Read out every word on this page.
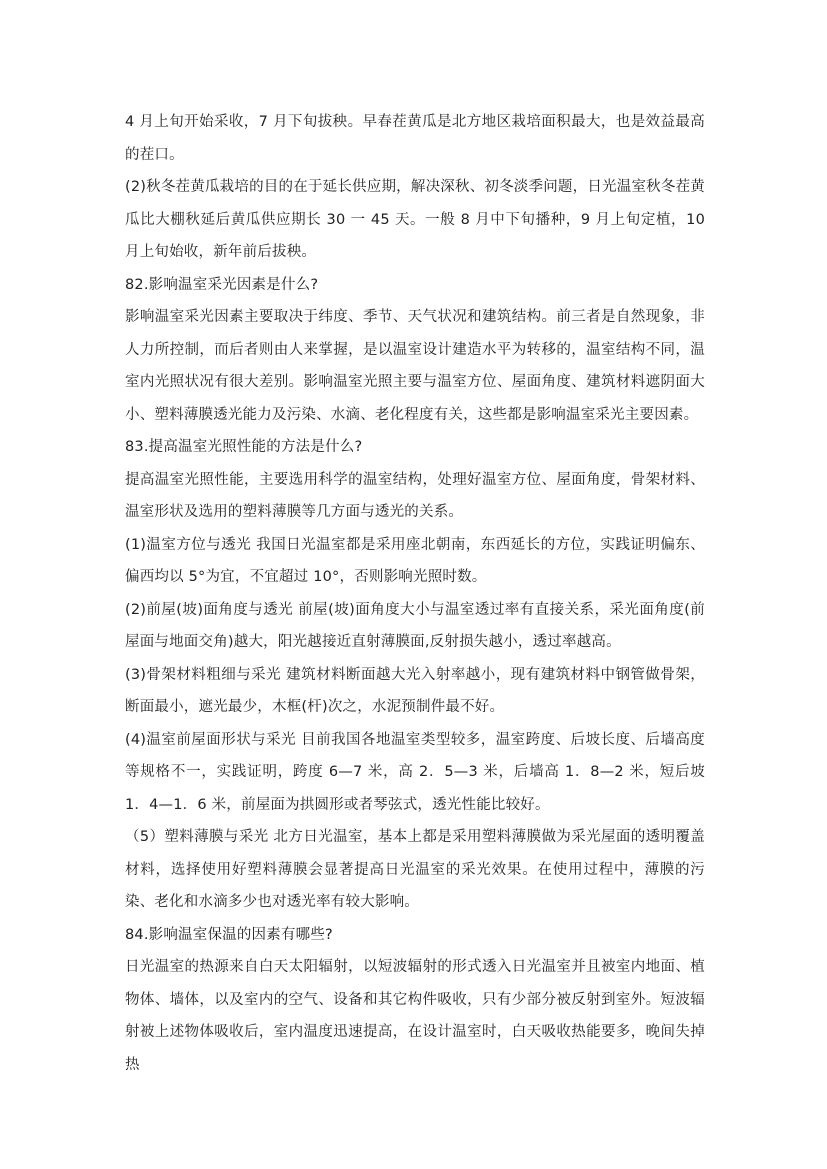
4 月上旬开始采收，7 月下旬拔秧。早春茬黄瓜是北方地区栽培面积最大，也是效益最高的茬口。

(2)秋冬茬黄瓜栽培的目的在于延长供应期，解决深秋、初冬淡季问题，日光温室秋冬茬黄瓜比大棚秋延后黄瓜供应期长 30 一 45 天。一般 8 月中下旬播种，9 月上旬定植，10 月上旬始收，新年前后拔秧。

82.影响温室采光因素是什么?

影响温室采光因素主要取决于纬度、季节、天气状况和建筑结构。前三者是自然现象，非人力所控制，而后者则由人来掌握，是以温室设计建造水平为转移的，温室结构不同，温室内光照状况有很大差别。影响温室光照主要与温室方位、屋面角度、建筑材料遮阴面大小、塑料薄膜透光能力及污染、水滴、老化程度有关，这些都是影响温室采光主要因素。

83.提高温室光照性能的方法是什么?

提高温室光照性能，主要选用科学的温室结构，处理好温室方位、屋面角度，骨架材料、温室形状及选用的塑料薄膜等几方面与透光的关系。

(1)温室方位与透光 我国日光温室都是采用座北朝南，东西延长的方位，实践证明偏东、偏西均以 5°为宜，不宜超过 10°，否则影响光照时数。

(2)前屋(坡)面角度与透光 前屋(坡)面角度大小与温室透过率有直接关系，采光面角度(前屋面与地面交角)越大，阳光越接近直射薄膜面,反射损失越小，透过率越高。

(3)骨架材料粗细与采光 建筑材料断面越大光入射率越小，现有建筑材料中钢管做骨架，断面最小，遮光最少，木框(杆)次之，水泥预制件最不好。

(4)温室前屋面形状与采光 目前我国各地温室类型较多，温室跨度、后坡长度、后墙高度等规格不一，实践证明，跨度 6—7 米，高 2．5—3 米，后墙高 1．8—2 米，短后坡 1．4—1．6 米，前屋面为拱圆形或者琴弦式，透光性能比较好。

（5）塑料薄膜与采光 北方日光温室，基本上都是采用塑料薄膜做为采光屋面的透明覆盖材料，选择使用好塑料薄膜会显著提高日光温室的采光效果。在使用过程中，薄膜的污染、老化和水滴多少也对透光率有较大影响。

84.影响温室保温的因素有哪些?

日光温室的热源来自白天太阳辐射，以短波辐射的形式透入日光温室并且被室内地面、植物体、墙体，以及室内的空气、设备和其它构件吸收，只有少部分被反射到室外。短波辐射被上述物体吸收后，室内温度迅速提高，在设计温室时，白天吸收热能要多，晚间失掉热
